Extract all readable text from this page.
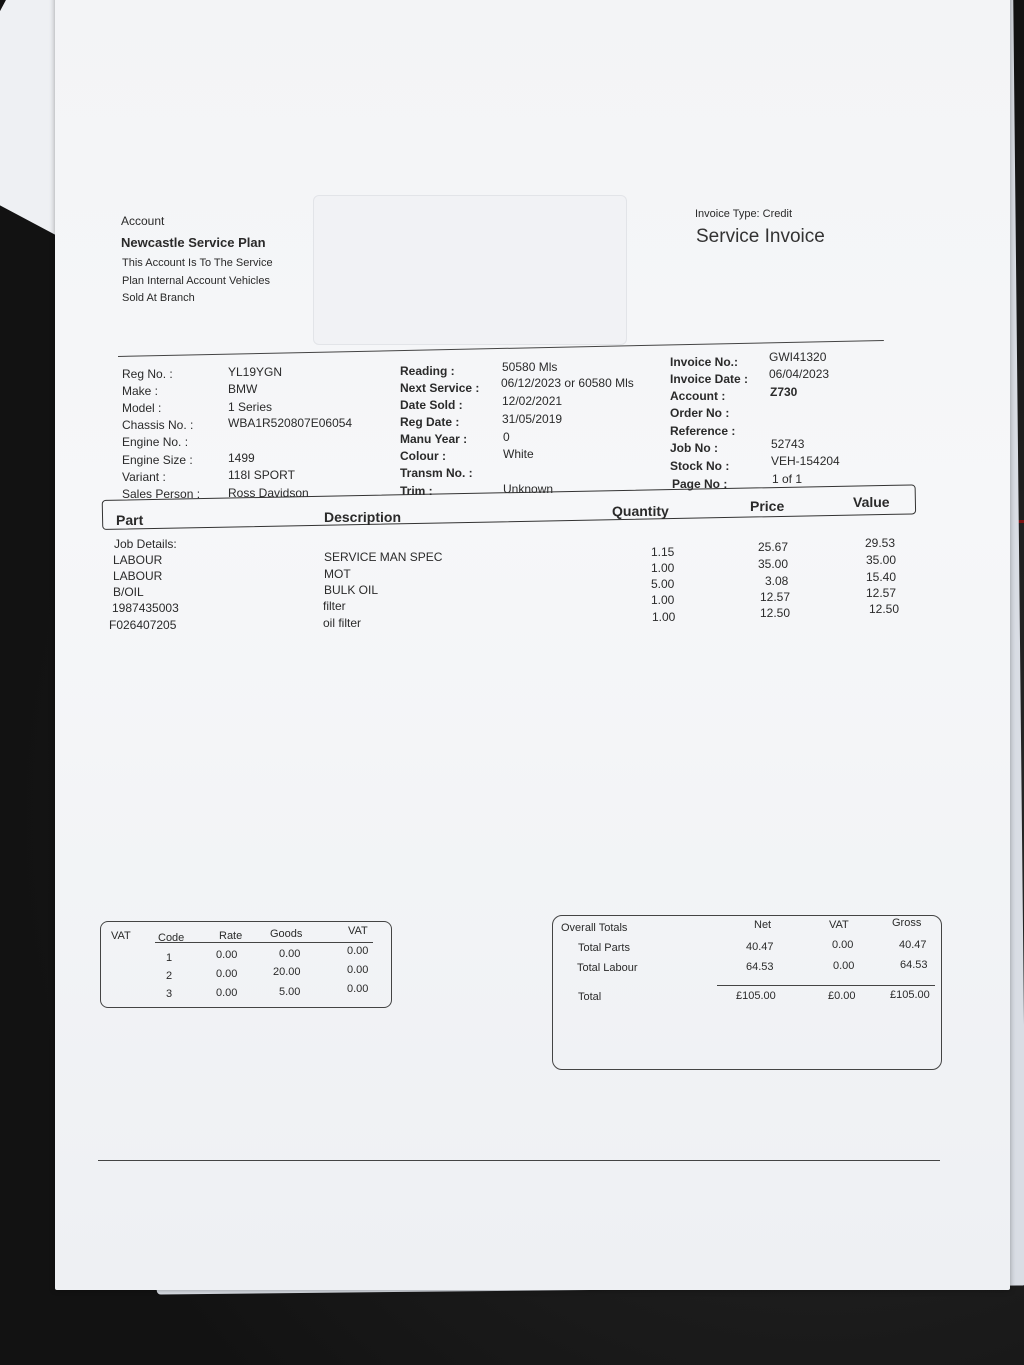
Account
Newcastle Service Plan
This Account Is To The Service
Plan Internal Account Vehicles
Sold At Branch
Invoice Type: Credit
Service Invoice
Reg No. :	YL19YGN
Make :	BMW
Model :	1 Series
Chassis No. :	WBA1R520807E06054
Engine No. :
Engine Size :	1499
Variant :	118I SPORT
Sales Person : Ross Davidson
Reading :	50580 Mls
Next Service : 06/12/2023 or 60580 Mls
Date Sold :	12/02/2021
Reg Date :	31/05/2019
Manu Year :	0
Colour :	White
Transm No. :
Trim :	Unknown
Invoice No.:	GWI41320
Invoice Date : 06/04/2023
Account :	Z730
Order No :
Reference :
Job No :	52743
Stock No :	VEH-154204
Page No :	1 of 1
Part	Description	Quantity	Price	Value
Job Details:
LABOUR	SERVICE MAN SPEC	1.15	25.67	29.53
LABOUR	MOT	1.00	35.00	35.00
B/OIL	BULK OIL	5.00	3.08	15.40
1987435003	filter	1.00	12.57	12.57
F026407205	oil filter	1.00	12.50	12.50
VAT Code	Rate	Goods	VAT
1	0.00	0.00	0.00
2	0.00	20.00	0.00
3	0.00	5.00	0.00
Overall Totals	Net	VAT	Gross
Total Parts	40.47	0.00	40.47
Total Labour	64.53	0.00	64.53
Total	£105.00	£0.00	£105.00
